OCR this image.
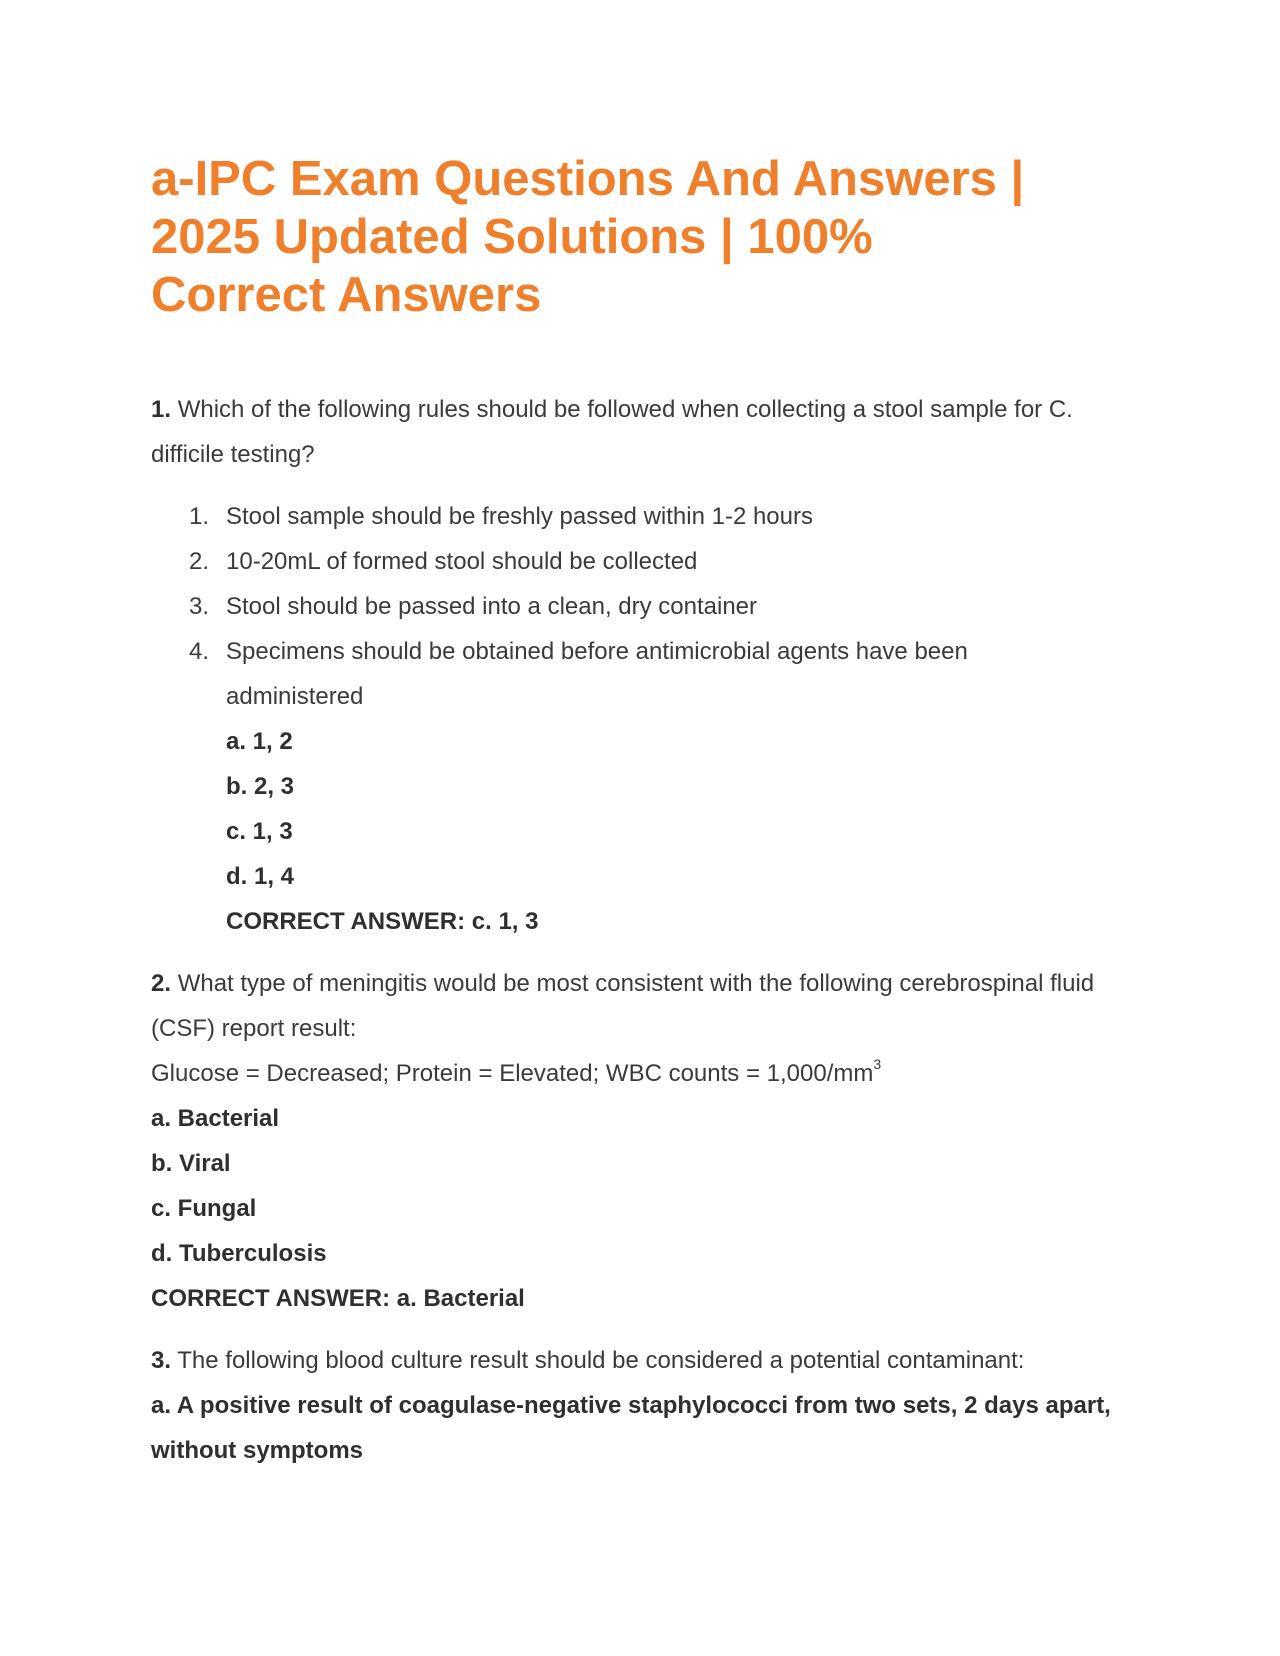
a-IPC Exam Questions And Answers |
2025 Updated Solutions | 100%
Correct Answers

1. Which of the following rules should be followed when collecting a stool sample for C. difficile testing?

1. Stool sample should be freshly passed within 1-2 hours
2. 10-20mL of formed stool should be collected
3. Stool should be passed into a clean, dry container
4. Specimens should be obtained before antimicrobial agents have been administered

a. 1, 2

b. 2, 3

c. 1, 3

d. 1, 4

CORRECT ANSWER: c. 1, 3

2. What type of meningitis would be most consistent with the following cerebrospinal fluid (CSF) report result:

Glucose = Decreased; Protein = Elevated; WBC counts = $1,000/mm^3$

a. Bacterial

b. Viral

c. Fungal

d. Tuberculosis

CORRECT ANSWER: a. Bacterial

3. The following blood culture result should be considered a potential contaminant:

a. A positive result of coagulase-negative staphylococci from two sets, 2 days apart, without symptoms
